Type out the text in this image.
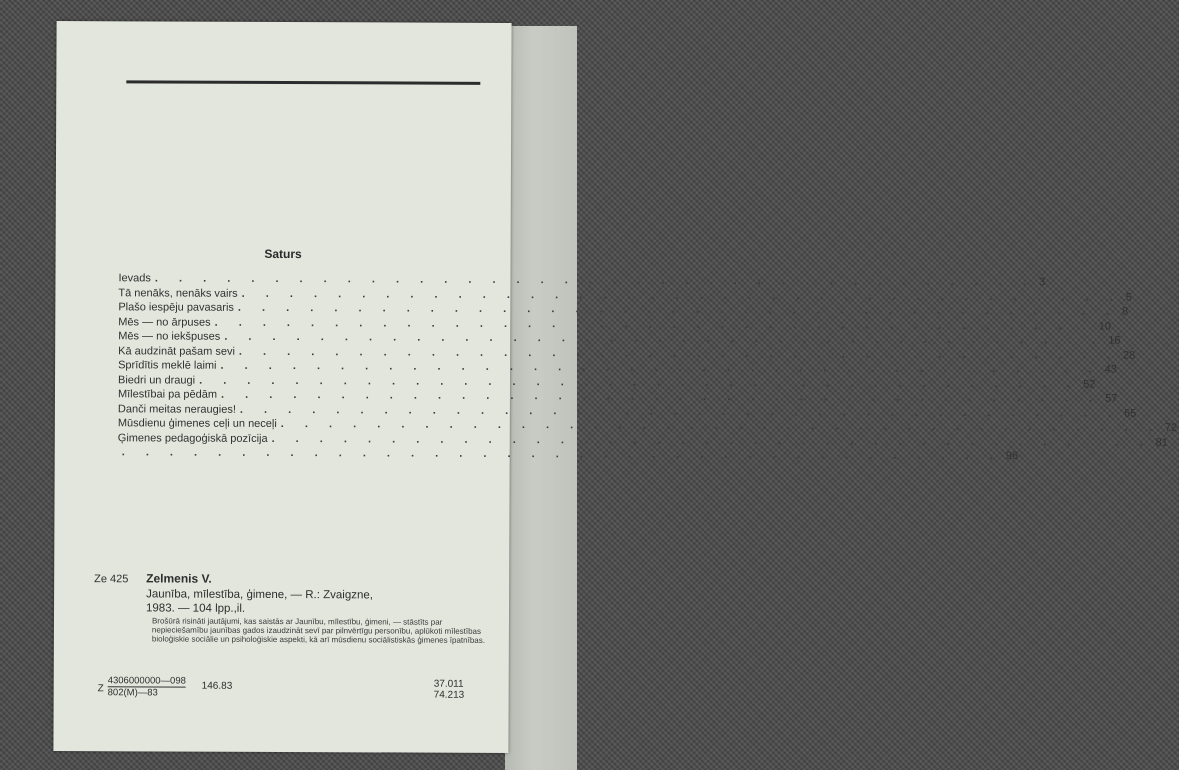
Saturs
Ievads . . . . . . . . . . . . . . . . . . . . . . . . . . . . . . . . . . . . . 3
Tā nenāks, nenāks vairs . . . . . . . . . . . . . . . . . . . . . . . . . . . . . . . . . . . . . 5
Plašo iespēju pavasaris . . . . . . . . . . . . . . . . . . . . . . . . . . . . . . . . . . . . . 8
Mēs — no ārpuses . . . . . . . . . . . . . . . . . . . . . . . . . . . . . . . . . . . . . 10
Mēs — no iekšpuses . . . . . . . . . . . . . . . . . . . . . . . . . . . . . . . . . . . . . 16
Kā audzināt pašam sevi . . . . . . . . . . . . . . . . . . . . . . . . . . . . . . . . . . . . . 28
Sprīdītis meklē laimi . . . . . . . . . . . . . . . . . . . . . . . . . . . . . . . . . . . . . 43
Biedri un draugi . . . . . . . . . . . . . . . . . . . . . . . . . . . . . . . . . . . . . 52
Mīlestībai pa pēdām . . . . . . . . . . . . . . . . . . . . . . . . . . . . . . . . . . . . . 57
Danči meitas neraugies! . . . . . . . . . . . . . . . . . . . . . . . . . . . . . . . . . . . . . 65
Mūsdienu ģimenes ceļi un neceļi . . . . . . . . . . . . . . . . . . . . . . . . . . . . . . . . . . . . . 72
Ģimenes pedagoģiskā pozīcija . . . . . . . . . . . . . . . . . . . . . . . . . . . . . . . . . . . . . 81
. . . . . . . . . . . . . . . . . . . . . . . . . . . . . . . . . . . . . 96
Ze 425 Zelmenis V.
Jaunība, mīlestība, ģimene, — R.: Zvaigzne,
1983. — 104 lpp.,il.
Brošūrā risināti jautājumi, kas saistās ar Jaunību, mīlestību, ģimeni, — stāstīts par nepieciešamību jaunības gados izaudzināt sevī par pilnvērtīgu personību, aplūkoti mīlestības bioloģiskie sociālie un psiholoģiskie aspekti, kā arī mūsdienu sociālistiskās ģimenes īpatnības.
Z $\frac{4306000000—098}{802(M)—83} 146.83$	37.011
74.213
